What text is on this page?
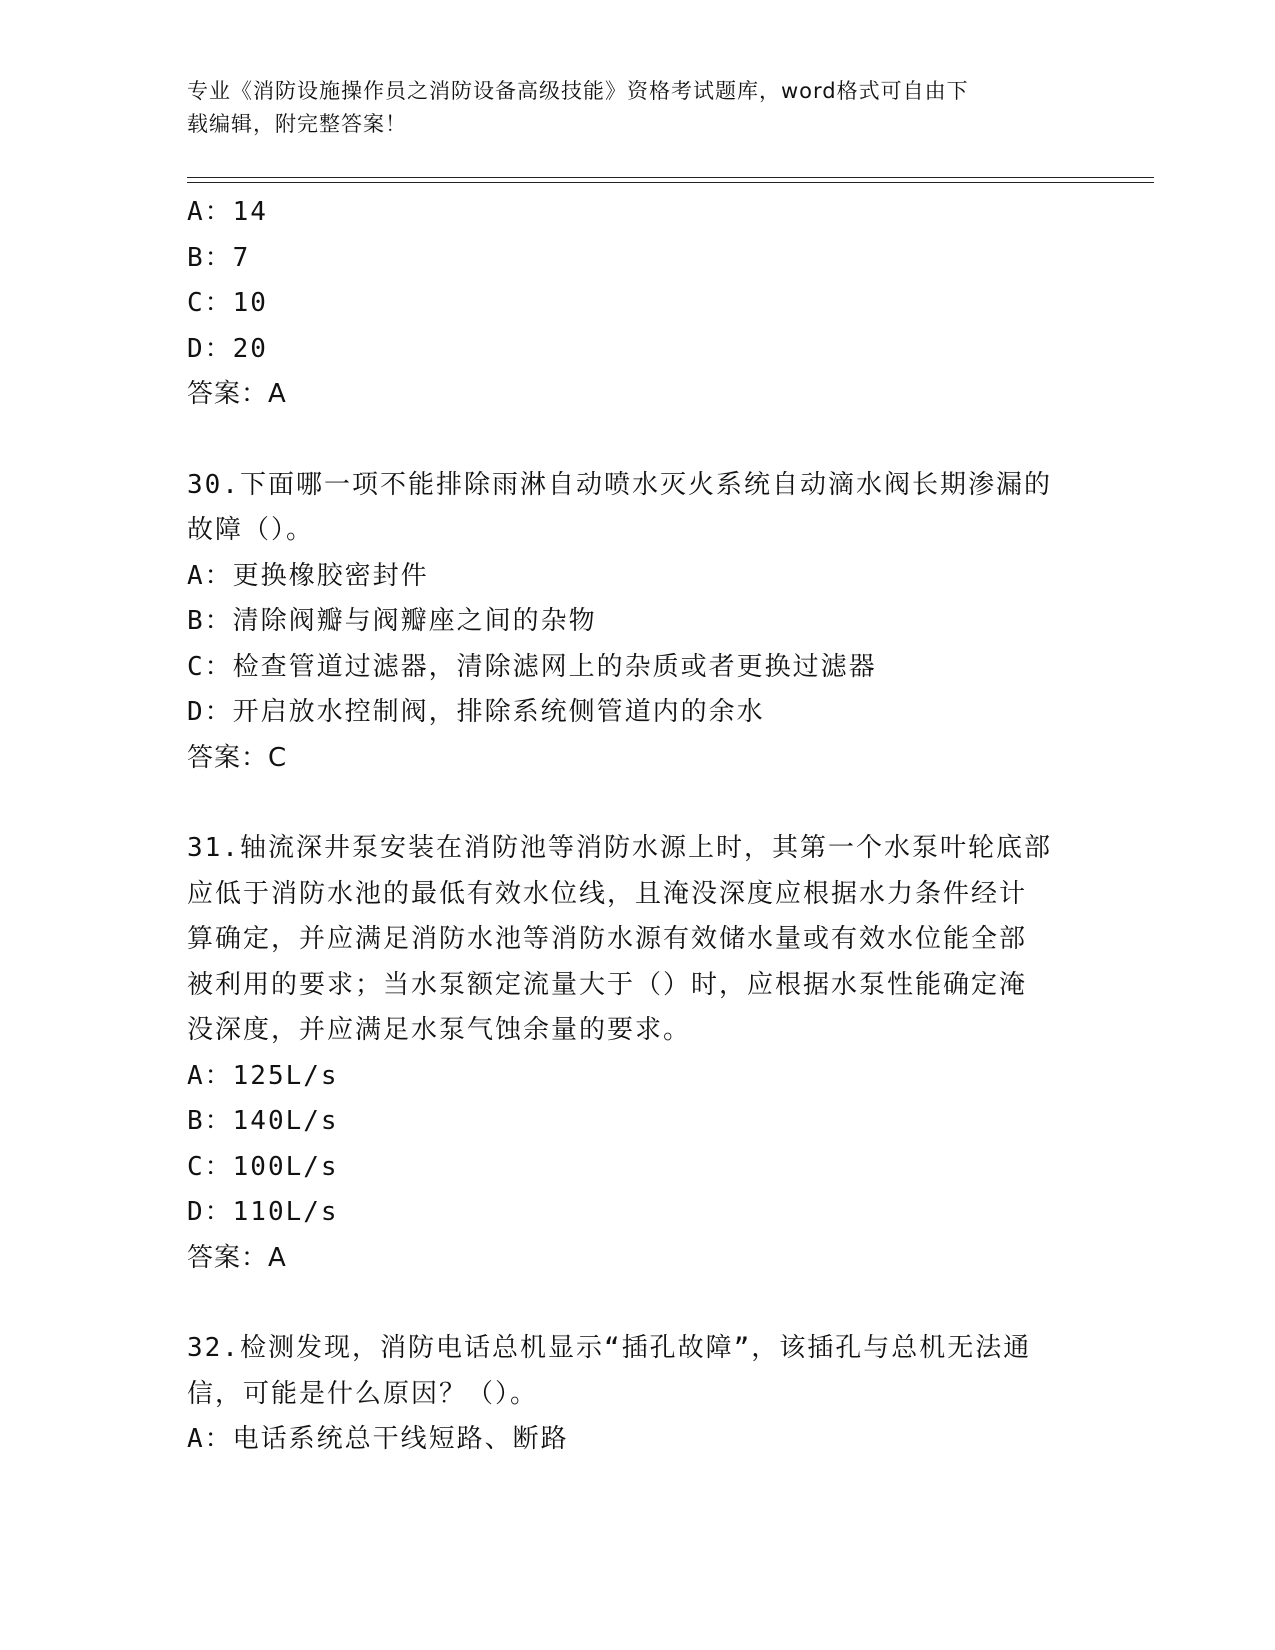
专业《消防设施操作员之消防设备高级技能》资格考试题库，word格式可自由下
载编辑，附完整答案！
A：14
B：7
C：10
D：20
答案：A
30.下面哪一项不能排除雨淋自动喷水灭火系统自动滴水阀长期渗漏的
故障（）。
A：更换橡胶密封件
B：清除阀瓣与阀瓣座之间的杂物
C：检查管道过滤器，清除滤网上的杂质或者更换过滤器
D：开启放水控制阀，排除系统侧管道内的余水
答案：C
31.轴流深井泵安装在消防池等消防水源上时，其第一个水泵叶轮底部
应低于消防水池的最低有效水位线，且淹没深度应根据水力条件经计
算确定，并应满足消防水池等消防水源有效储水量或有效水位能全部
被利用的要求；当水泵额定流量大于（）时，应根据水泵性能确定淹
没深度，并应满足水泵气蚀余量的要求。
A：125L/s
B：140L/s
C：100L/s
D：110L/s
答案：A
32.检测发现，消防电话总机显示“插孔故障”，该插孔与总机无法通
信，可能是什么原因？（）。
A：电话系统总干线短路、断路
